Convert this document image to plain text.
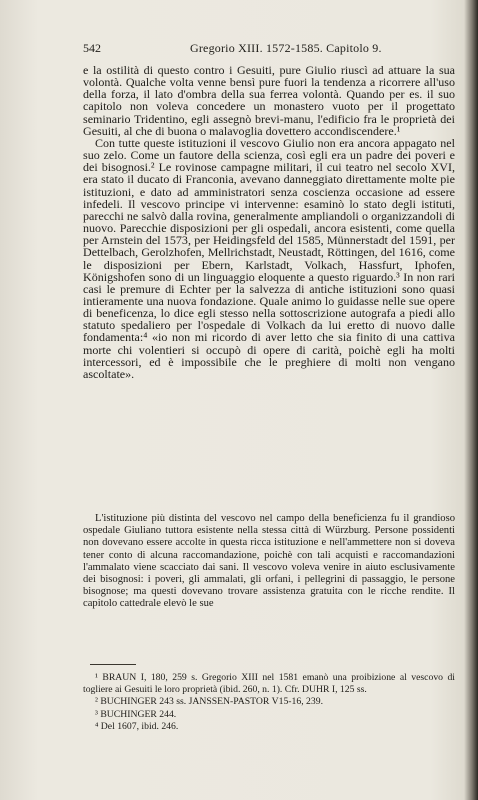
542	Gregorio XIII. 1572-1585. Capitolo 9.

e la ostilità di questo contro i Gesuiti, pure Giulio riuscì ad attuare la sua volontà. Qualche volta venne bensì pure fuori la tendenza a ricorrere all'uso della forza, il lato d'ombra della sua ferrea volontà. Quando per es. il suo capitolo non voleva concedere un monastero vuoto per il progettato seminario Tridentino, egli assegnò brevi-manu, l'edificio fra le proprietà dei Gesuiti, al che di buona o malavoglia dovettero accondiscendere.¹

Con tutte queste istituzioni il vescovo Giulio non era ancora appagato nel suo zelo. Come un fautore della scienza, così egli era un padre dei poveri e dei bisognosi.² Le rovinose campagne militari, il cui teatro nel secolo XVI, era stato il ducato di Franconia, avevano danneggiato direttamente molte pie istituzioni, e dato ad amministratori senza coscienza occasione ad essere infedeli. Il vescovo principe vi intervenne: esaminò lo stato degli istituti, parecchi ne salvò dalla rovina, generalmente ampliandoli o organizzandoli di nuovo. Parecchie disposizioni per gli ospedali, ancora esistenti, come quella per Arnstein del 1573, per Heidingsfeld del 1585, Münnerstadt del 1591, per Dettelbach, Gerolzhofen, Mellrichstadt, Neustadt, Röttingen, del 1616, come le disposizioni per Ebern, Karlstadt, Volkach, Hassfurt, Iphofen, Königshofen sono di un linguaggio eloquente a questo riguardo.³ In non rari casi le premure di Echter per la salvezza di antiche istituzioni sono quasi intieramente una nuova fondazione. Quale animo lo guidasse nelle sue opere di beneficenza, lo dice egli stesso nella sottoscrizione autografa a piedi allo statuto spedaliero per l'ospedale di Volkach da lui eretto di nuovo dalle fondamenta:⁴ «io non mi ricordo di aver letto che sia finito di una cattiva morte chi volentieri si occupò di opere di carità, poichè egli ha molti intercessori, ed è impossibile che le preghiere di molti non vengano ascoltate».

L'istituzione più distinta del vescovo nel campo della beneficienza fu il grandioso ospedale Giuliano tuttora esistente nella stessa città di Würzburg. Persone possidenti non dovevano essere accolte in questa ricca istituzione e nell'ammettere non si doveva tener conto di alcuna raccomandazione, poichè con tali acquisti e raccomandazioni l'ammalato viene scacciato dai sani. Il vescovo voleva venire in aiuto esclusivamente dei bisognosi: i poveri, gli ammalati, gli orfani, i pellegrini di passaggio, le persone bisognose; ma questi dovevano trovare assistenza gratuita con le ricche rendite. Il capitolo cattedrale elevò le sue

¹ BRAUN I, 180, 259 s. Gregorio XIII nel 1581 emanò una proibizione al vescovo di togliere ai Gesuiti le loro proprietà (ibid. 260, n. 1). Cfr. DUHR I, 125 ss.
² BUCHINGER 243 ss. JANSSEN-PASTOR V15-16, 239.
³ BUCHINGER 244.
⁴ Del 1607, ibid. 246.
